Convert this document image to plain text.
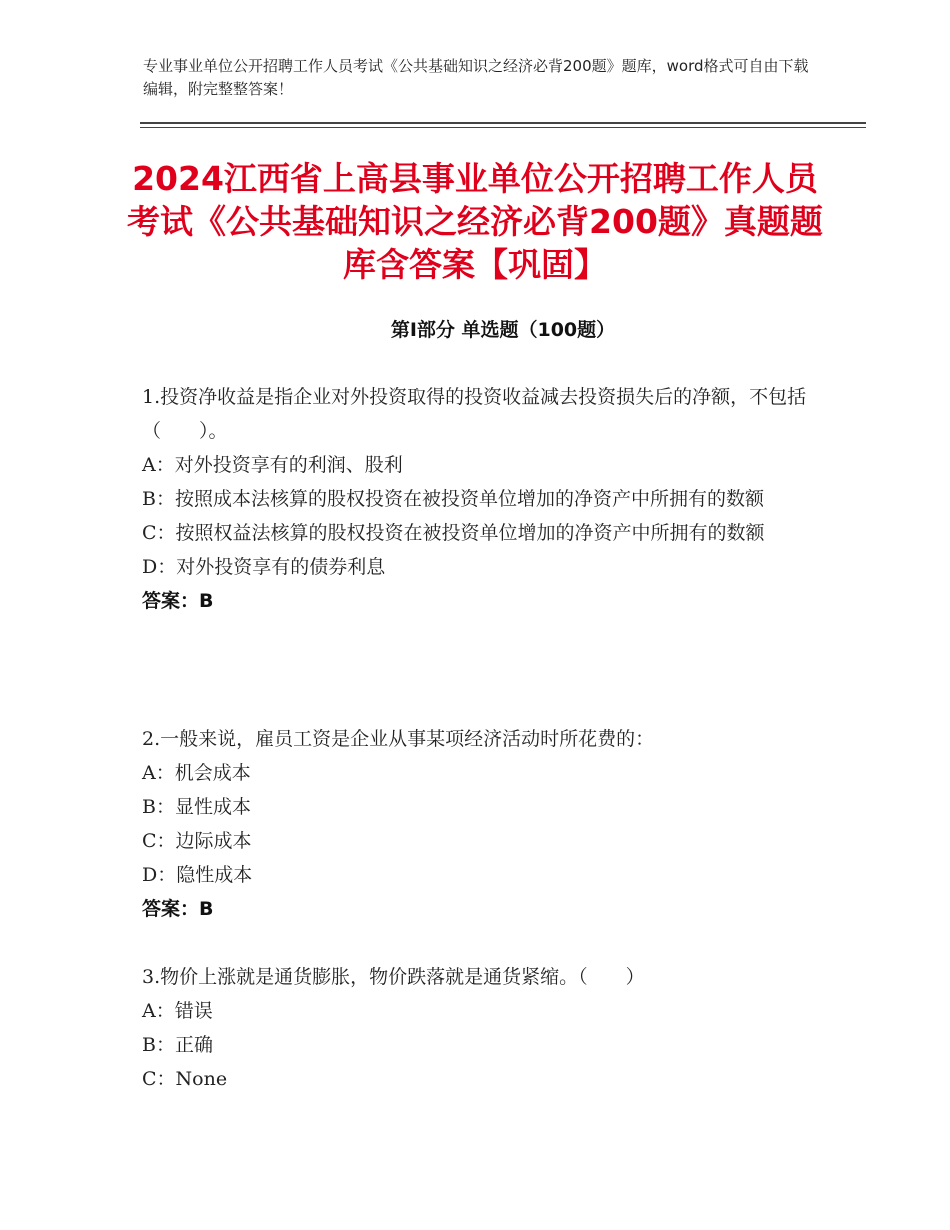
专业事业单位公开招聘工作人员考试《公共基础知识之经济必背200题》题库，word格式可自由下载编辑，附完整整答案！
2024江西省上高县事业单位公开招聘工作人员考试《公共基础知识之经济必背200题》真题题库含答案【巩固】
第Ⅰ部分 单选题（100题）
1.投资净收益是指企业对外投资取得的投资收益减去投资损失后的净额，不包括（　　）。
A：对外投资享有的利润、股利
B：按照成本法核算的股权投资在被投资单位增加的净资产中所拥有的数额
C：按照权益法核算的股权投资在被投资单位增加的净资产中所拥有的数额
D：对外投资享有的债券利息
答案：B
2.一般来说，雇员工资是企业从事某项经济活动时所花费的：
A：机会成本
B：显性成本
C：边际成本
D：隐性成本
答案：B
3.物价上涨就是通货膨胀，物价跌落就是通货紧缩。（　　）
A：错误
B：正确
C：None
